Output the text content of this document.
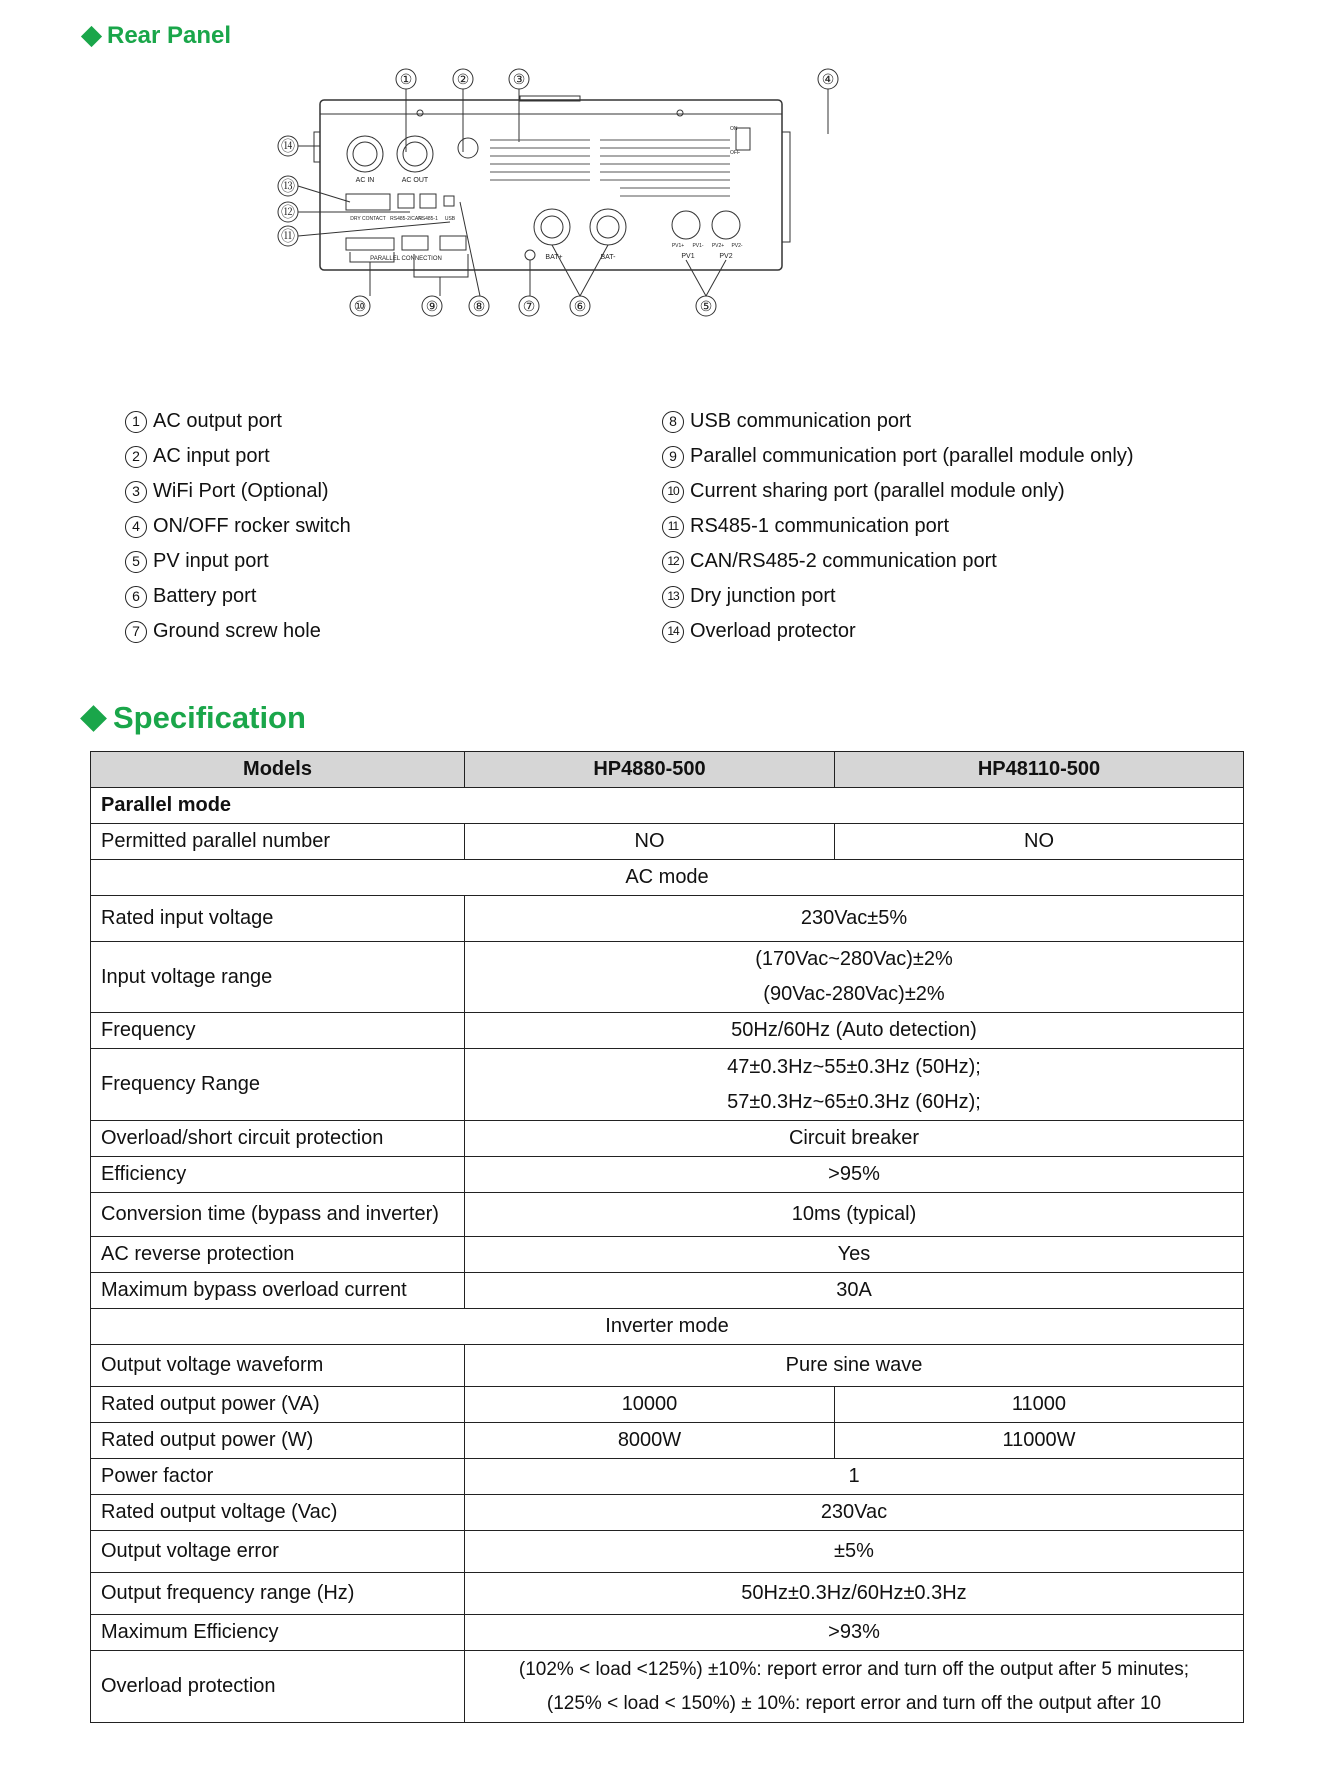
Rear Panel
①	②	③	④
⑭
⑬
⑫
⑪
AC IN	AC OUT
ON
OFF
DRY CONTACT RS485-2/CAN
RS485-1 USB
PARALLEL CONNECTION	BAT+	BAT-
PV1+ PV1- PV2+ PV2-
PV1	PV2
⑩	⑨ ⑧	⑦	⑥	⑤
1 AC output port
2 AC input port
3 WiFi Port (Optional)
4 ON/OFF rocker switch
5 PV input port
6 Battery port
7 Ground screw hole
8 USB communication port
9 Parallel communication port (parallel module only)
10 Current sharing port (parallel module only)
11 RS485-1 communication port
12 CAN/RS485-2 communication port
13 Dry junction port
14 Overload protector
Specification
Models	HP4880-500	HP48110-500
Parallel mode		
Permitted parallel number	NO	NO
AC mode		
Rated input voltage	230Vac±5%	
Input voltage range	(170Vac~280Vac)±2%
(90Vac-280Vac)±2%	

Frequency	50Hz/60Hz (Auto detection)	
Frequency Range	47±0.3Hz~55±0.3Hz (50Hz);
57±0.3Hz~65±0.3Hz (60Hz);	

Overload/short circuit protection	Circuit breaker	
Efficiency	>95%	
Conversion time (bypass and inverter)	10ms (typical)	
AC reverse protection	Yes	
Maximum bypass overload current	30A	
Inverter mode		
Output voltage waveform	Pure sine wave	
Rated output power (VA)	10000	11000
Rated output power (W)	8000W	11000W
Power factor	1	
Rated output voltage (Vac)	230Vac	
Output voltage error	±5%	
Output frequency range (Hz)	50Hz±0.3Hz/60Hz±0.3Hz	
Maximum Efficiency	>93%	
Overload protection	(102% < load <125%) ±10%: report error and turn off the output after 5 minutes;
(125% < load < 150%) ± 10%: report error and turn off the output after 10	
